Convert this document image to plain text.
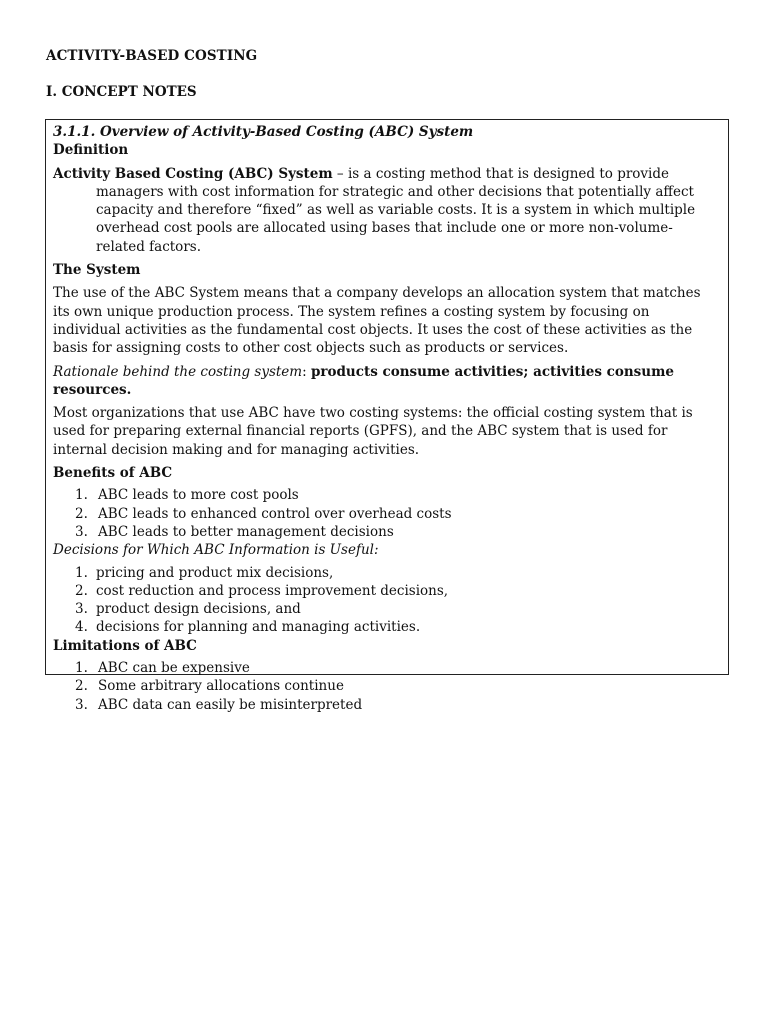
ACTIVITY-BASED COSTING
I. CONCEPT NOTES

3.1.1. Overview of Activity-Based Costing (ABC) System

Definition

Activity Based Costing (ABC) System – is a costing method that is designed to provide managers with cost information for strategic and other decisions that potentially affect capacity and therefore “fixed” as well as variable costs. It is a system in which multiple overhead cost pools are allocated using bases that include one or more non-volume-related factors.

The System

The use of the ABC System means that a company develops an allocation system that matches its own unique production process. The system refines a costing system by focusing on individual activities as the fundamental cost objects. It uses the cost of these activities as the basis for assigning costs to other cost objects such as products or services.

Rationale behind the costing system: products consume activities; activities consume resources.

Most organizations that use ABC have two costing systems: the official costing system that is used for preparing external financial reports (GPFS), and the ABC system that is used for internal decision making and for managing activities.

Benefits of ABC

1. ABC leads to more cost pools
2. ABC leads to enhanced control over overhead costs
3. ABC leads to better management decisions

Decisions for Which ABC Information is Useful:

1. pricing and product mix decisions,
2. cost reduction and process improvement decisions,
3. product design decisions, and
4. decisions for planning and managing activities.

Limitations of ABC

1. ABC can be expensive
2. Some arbitrary allocations continue
3. ABC data can easily be misinterpreted
